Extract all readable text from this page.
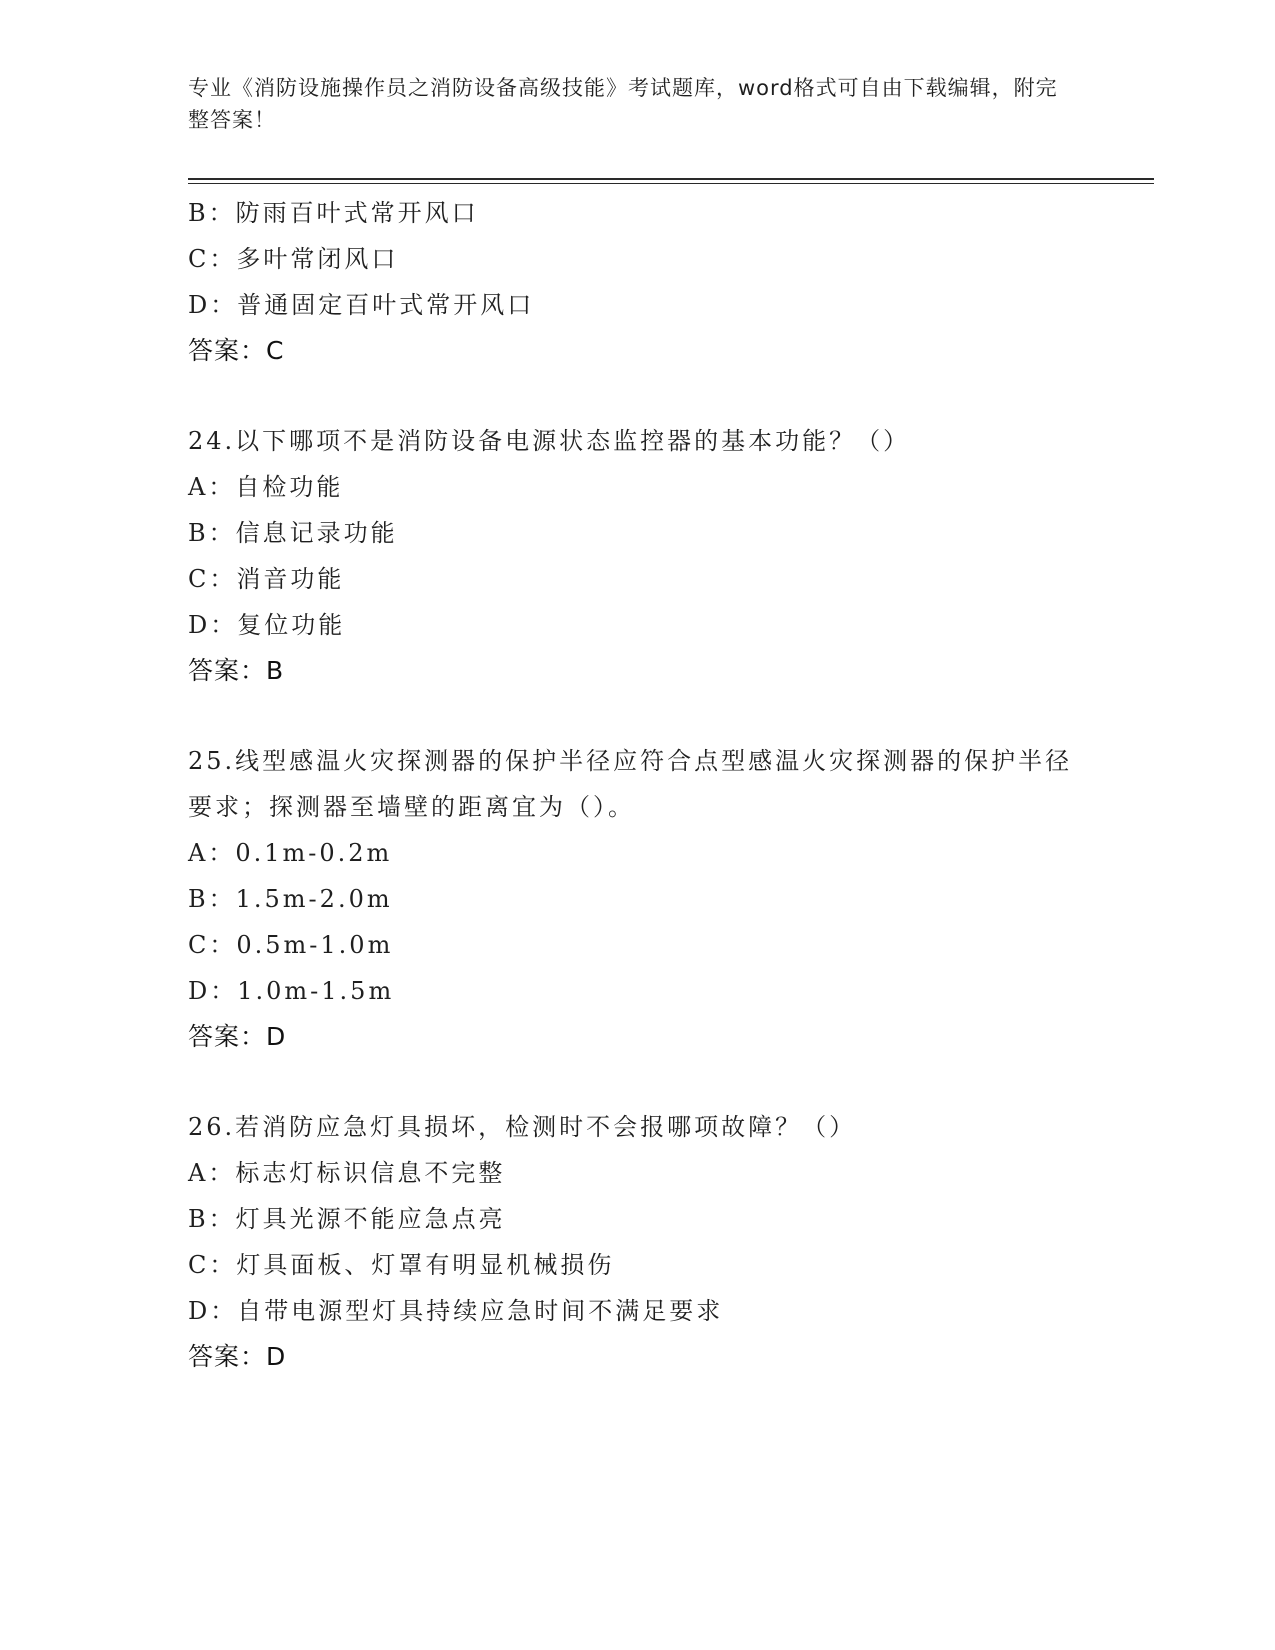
专业《消防设施操作员之消防设备高级技能》考试题库，word格式可自由下载编辑，附完整答案！
B：防雨百叶式常开风口
C：多叶常闭风口
D：普通固定百叶式常开风口
答案：C
24.以下哪项不是消防设备电源状态监控器的基本功能？（）
A：自检功能
B：信息记录功能
C：消音功能
D：复位功能
答案：B
25.线型感温火灾探测器的保护半径应符合点型感温火灾探测器的保护半径要求；探测器至墙壁的距离宜为（）。
A：0.1m-0.2m
B：1.5m-2.0m
C：0.5m-1.0m
D：1.0m-1.5m
答案：D
26.若消防应急灯具损坏，检测时不会报哪项故障？（）
A：标志灯标识信息不完整
B：灯具光源不能应急点亮
C：灯具面板、灯罩有明显机械损伤
D：自带电源型灯具持续应急时间不满足要求
答案：D
